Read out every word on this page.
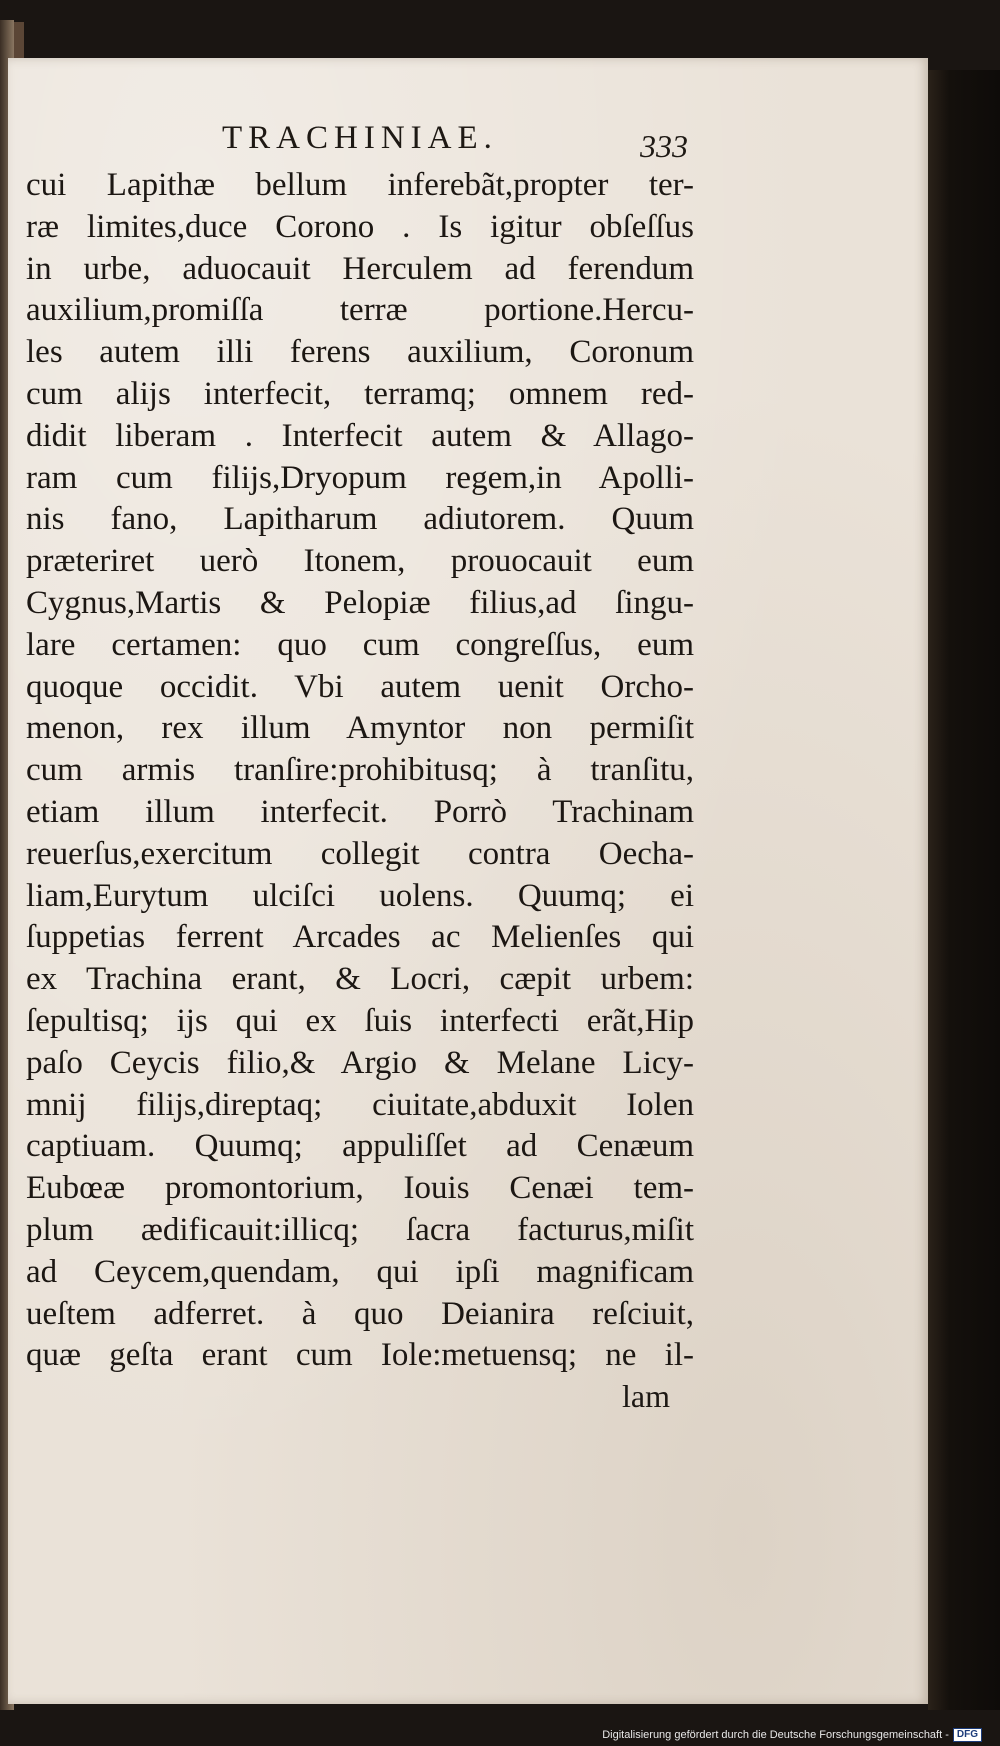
TRACHINIAE.	333
cui Lapithæ bellum inferebãt,propter ter-
ræ limites,duce Corono . Is igitur obſeſſus
in urbe, aduocauit Herculem ad ferendum
auxilium,promiſſa terræ portione.Hercu-
les autem illi ferens auxilium, Coronum
cum alijs interfecit, terramq; omnem red-
didit liberam . Interfecit autem & Allago-
ram cum filijs,Dryopum regem,in Apolli-
nis fano, Lapitharum adiutorem. Quum
præteriret uerò Itonem, prouocauit eum
Cygnus,Martis & Pelopiæ filius,ad ſingu-
lare certamen: quo cum congreſſus, eum
quoque occidit. Vbi autem uenit Orcho-
menon, rex illum Amyntor non permiſit
cum armis tranſire:prohibitusq; à tranſitu,
etiam illum interfecit. Porrò Trachinam
reuerſus,exercitum collegit contra Oecha-
liam,Eurytum ulciſci uolens. Quumq; ei
ſuppetias ferrent Arcades ac Melienſes qui
ex Trachina erant, & Locri, cæpit urbem:
ſepultisq; ijs qui ex ſuis interfecti erãt,Hip
paſo Ceycis filio,& Argio & Melane Licy-
mnij filijs,direptaq; ciuitate,abduxit Iolen
captiuam. Quumq; appuliſſet ad Cenæum
Eubœæ promontorium, Iouis Cenæi tem-
plum ædificauit:illicq; ſacra facturus,miſit
ad Ceycem,quendam, qui ipſi magnificam
ueſtem adferret. à quo Deianira reſciuit,
quæ geſta erant cum Iole:metuensq; ne il-
lam
Digitalisierung gefördert durch die Deutsche Forschungsgemeinschaft - DFG
